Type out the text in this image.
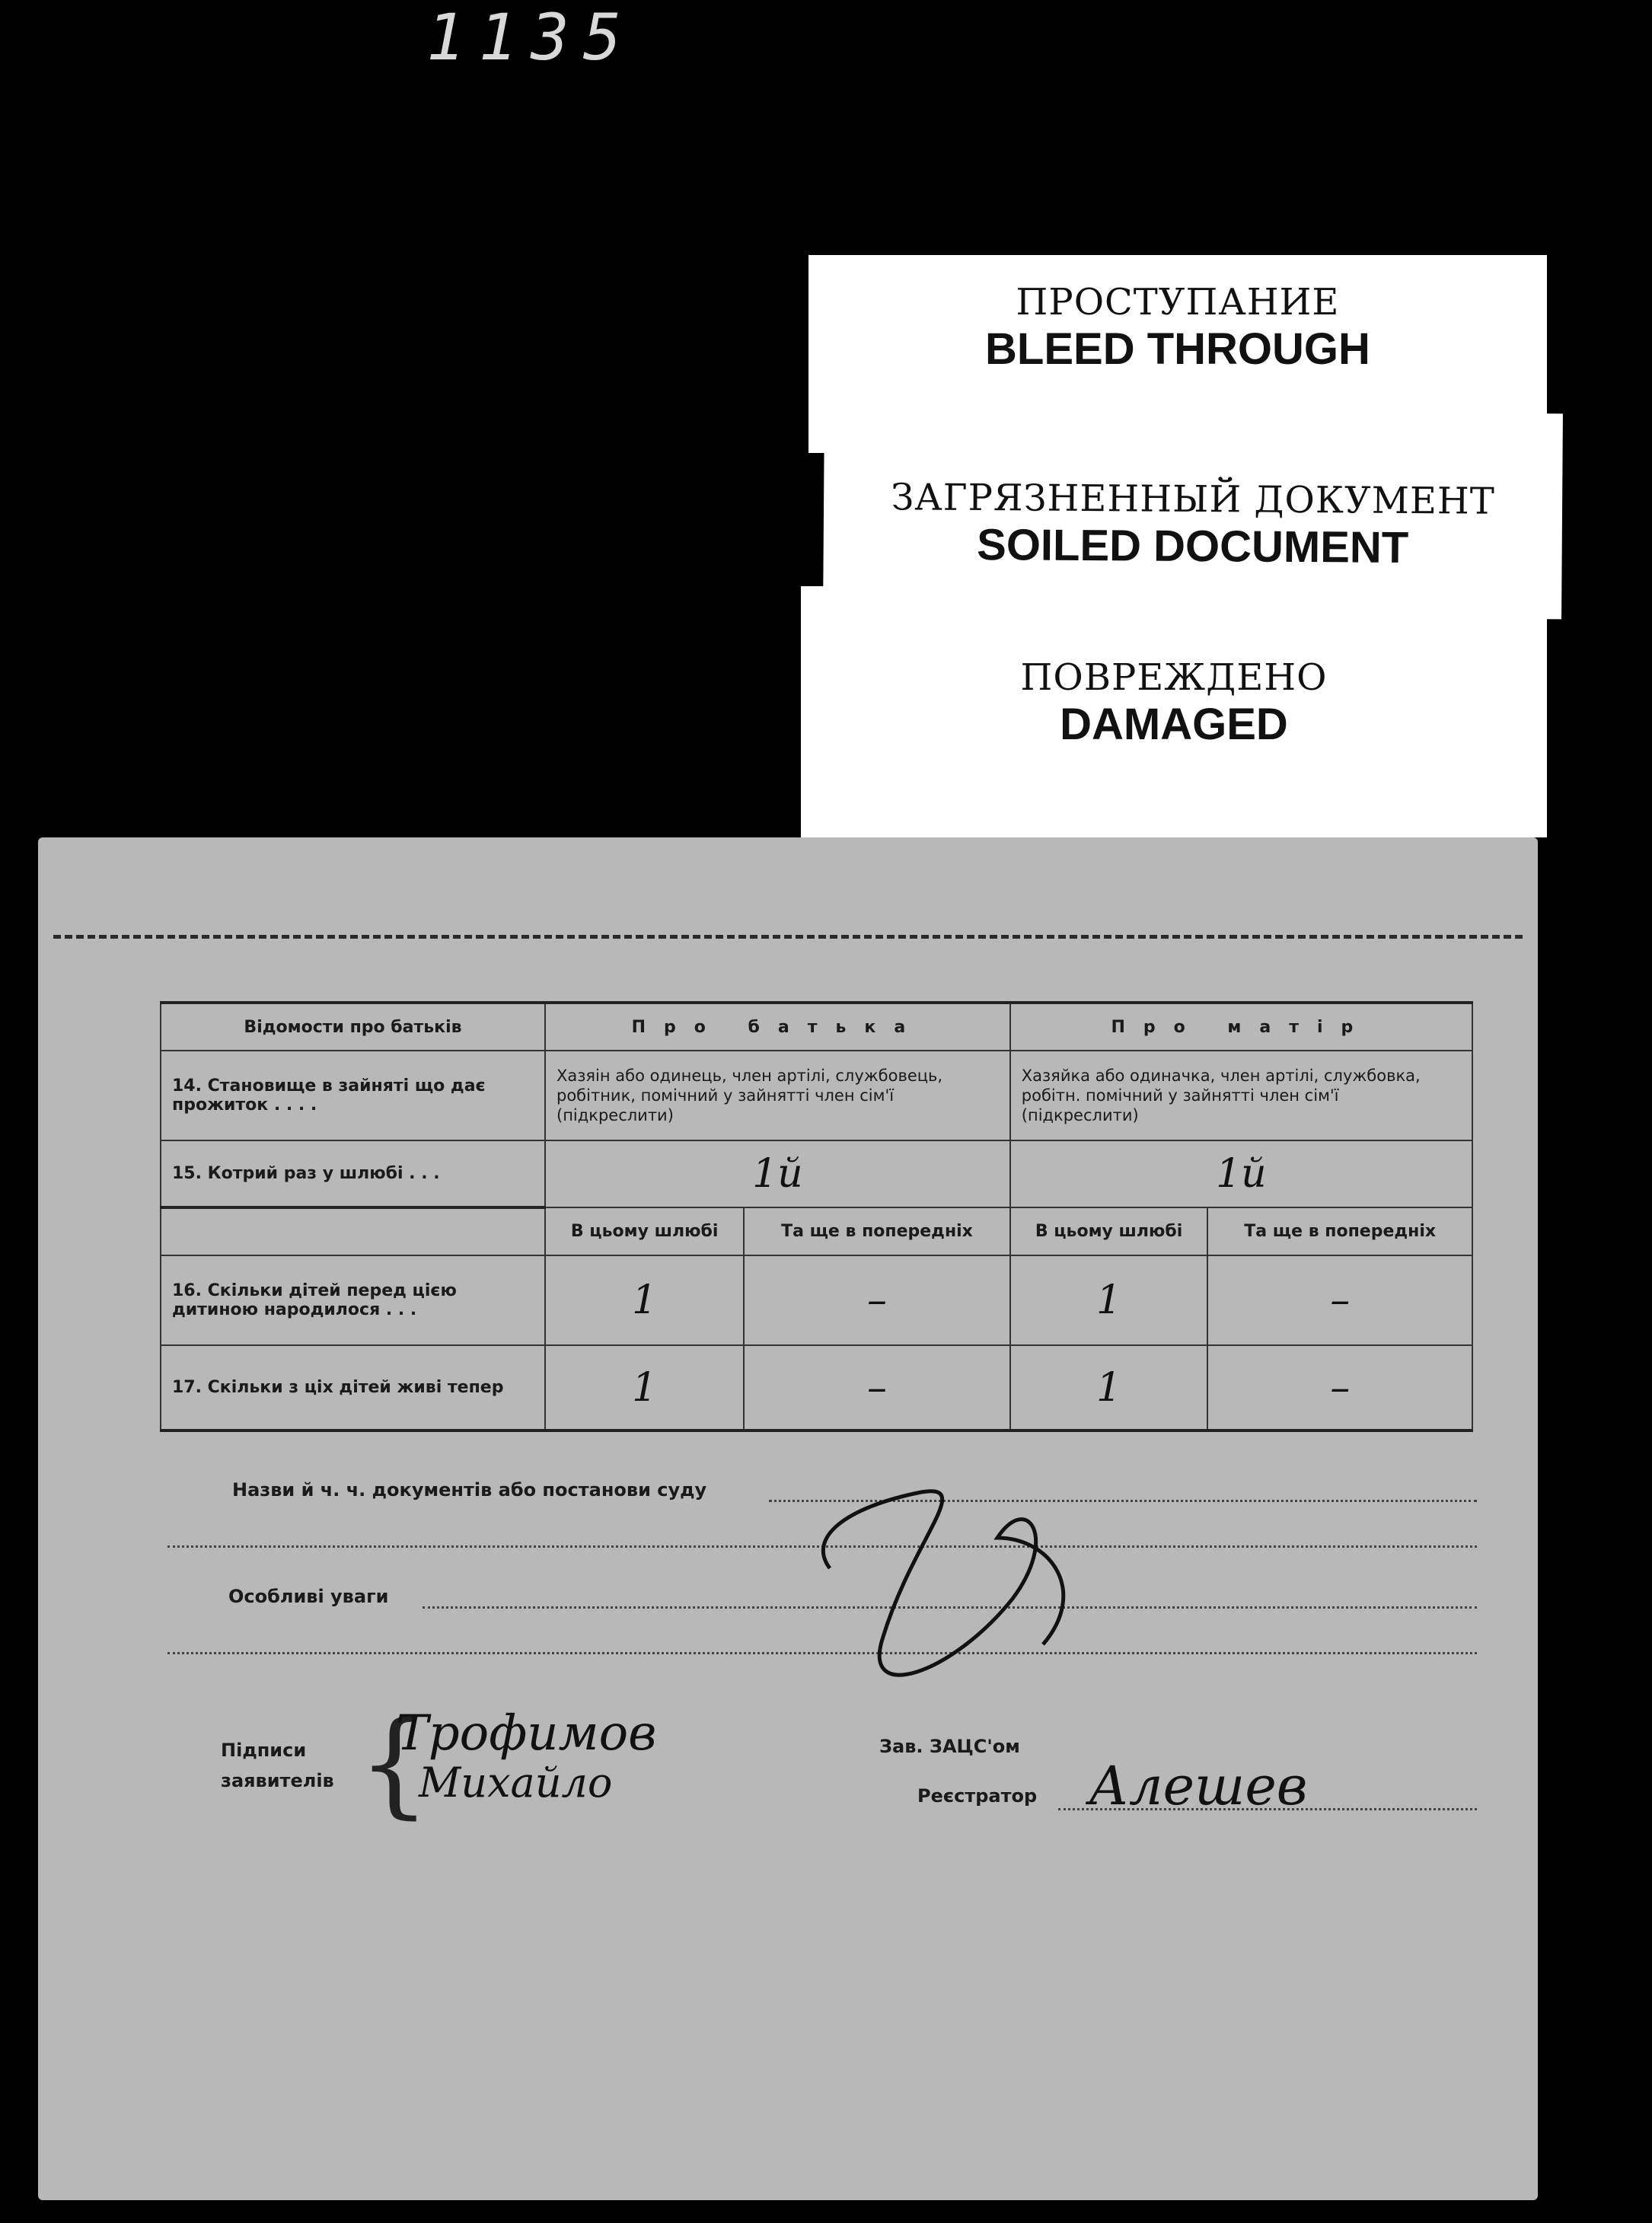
1135
ПРОСТУПАНИЕ
BLEED THROUGH
ЗАГРЯЗНЕННЫЙ ДОКУМЕНТ
SOILED DOCUMENT
ПОВРЕЖДЕНО
DAMAGED
Відомости про батьків	Про батька		Про матір	
14. Становище в зайняті що дає прожиток . . . .	Хазяін або одинець, член артілі, службовець, робітник, помічний у зайнятті член сім'ї (підкреслити)		Хазяйка або одиначка, член артілі, службовка, робітн. помічний у зайнятті член сім'ї (підкреслити)	
15. Котрий раз у шлюбі . . .	1й		1й	
	В цьому шлюбі	Та ще в попередніх	В цьому шлюбі	Та ще в попередніх
16. Скільки дітей перед цією дитиною народилося . . .	1	–	1	–
17. Скільки з ціх дітей живі тепер	1	–	1	–
Назви й ч. ч. документів або постанови суду
Особливі уваги
Підписи
заявителів {
Трофимов
Михайло
Зав. ЗАЦС'ом
Реєстратор Алешев
